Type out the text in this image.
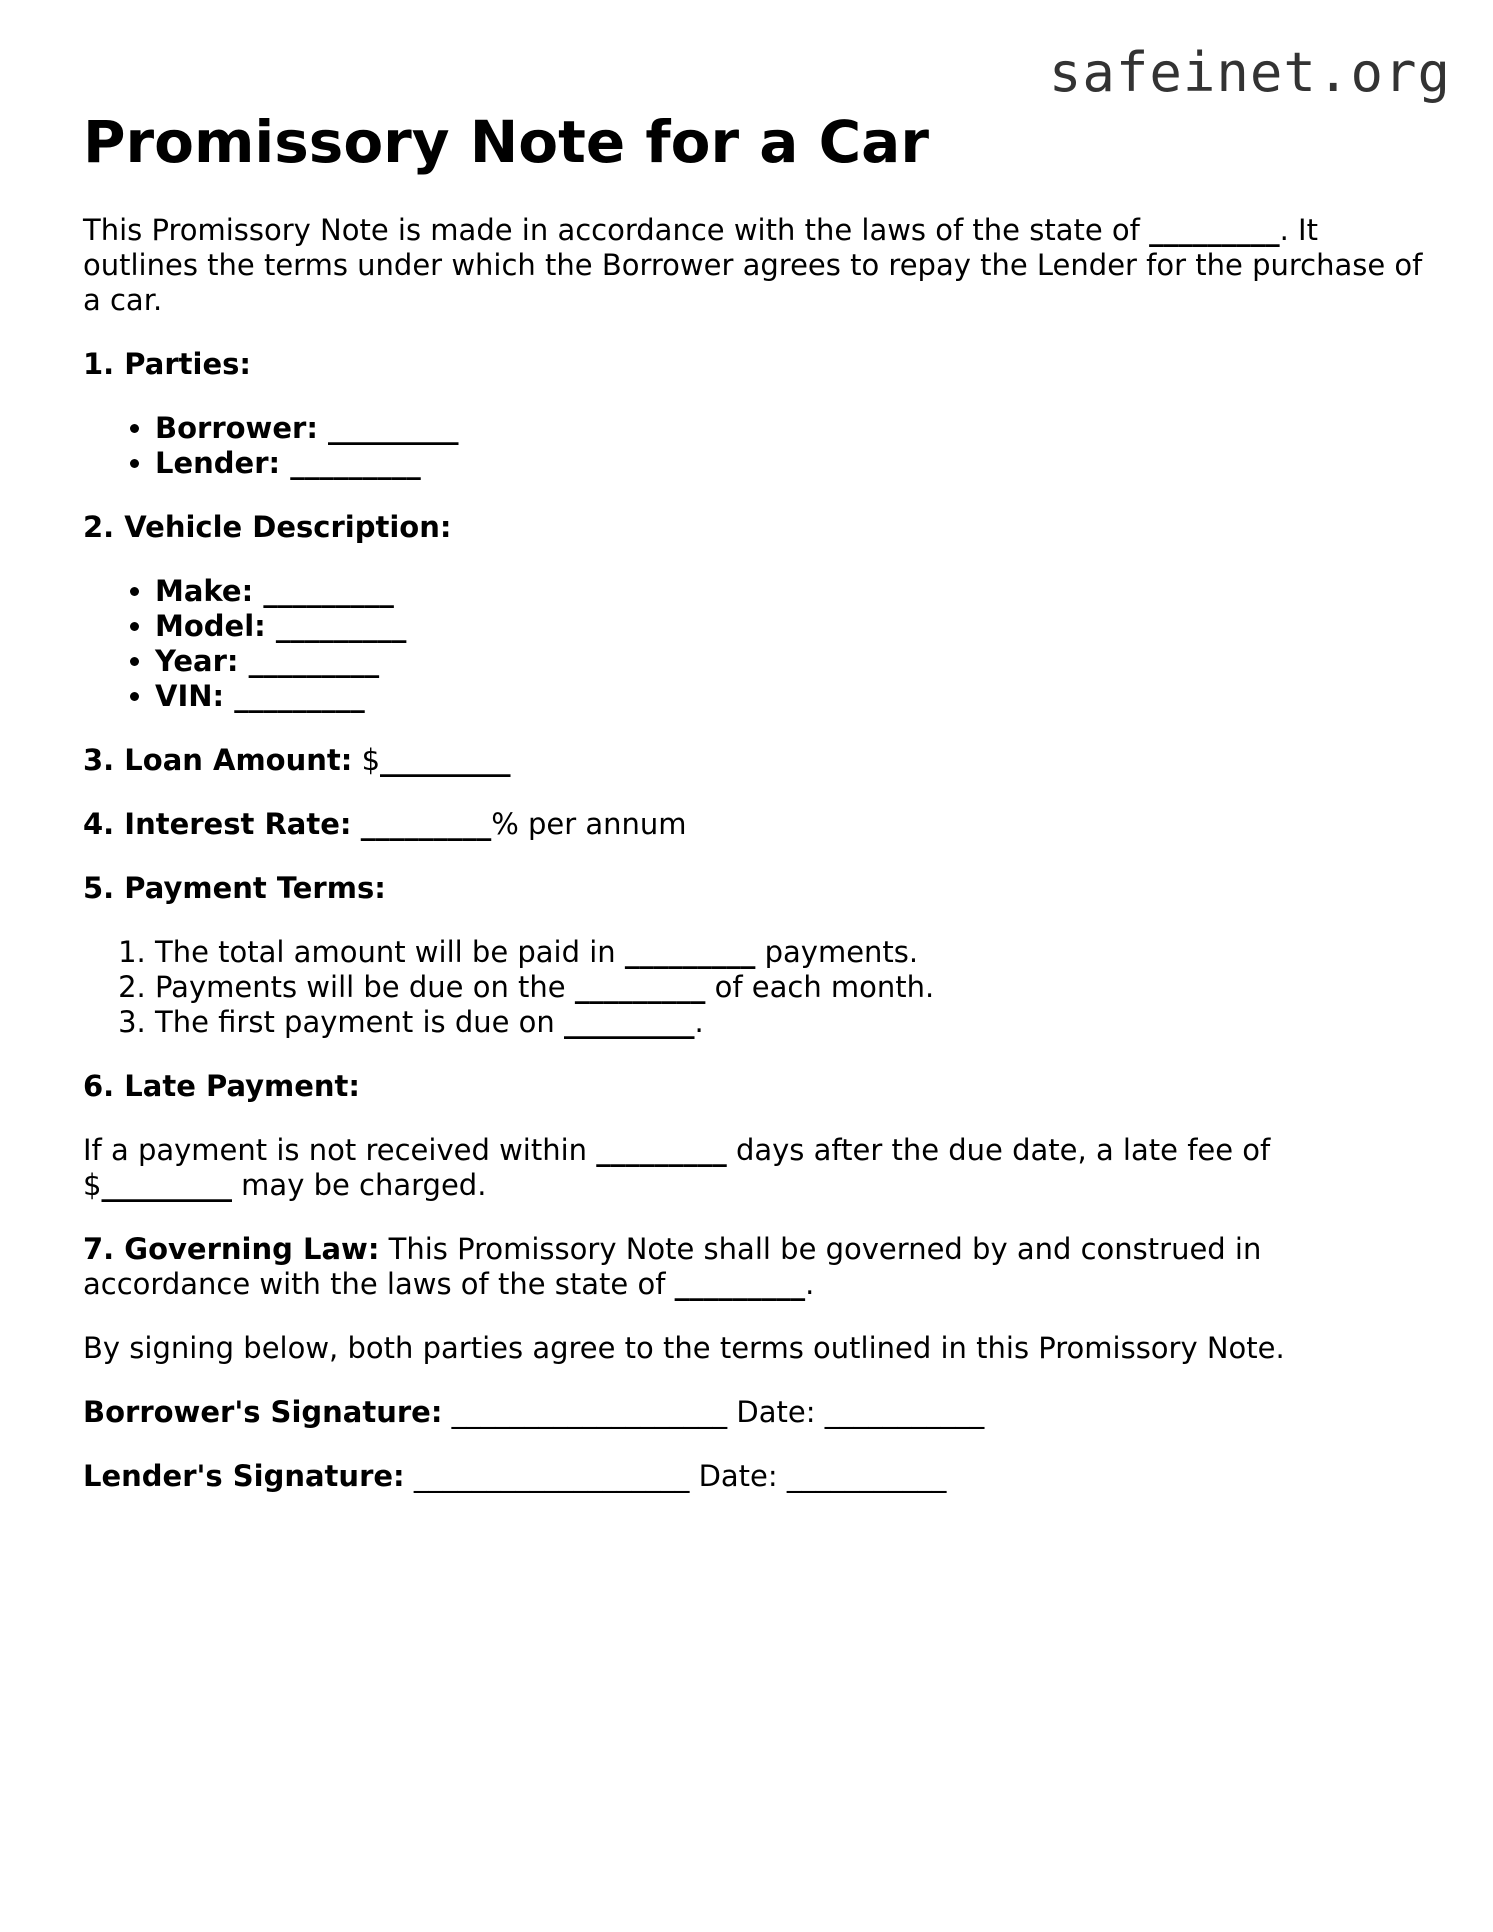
safeinet.org
Promissory Note for a Car

This Promissory Note is made in accordance with the laws of the state of _________. It outlines the terms under which the Borrower agrees to repay the Lender for the purchase of a car.

1. Parties:

• Borrower: _________
• Lender: _________

2. Vehicle Description:

• Make: _________
• Model: _________
• Year: _________
• VIN: _________

3. Loan Amount: $_________

4. Interest Rate: _________% per annum

5. Payment Terms:

1. The total amount will be paid in _________ payments.
2. Payments will be due on the _________ of each month.
3. The first payment is due on _________.

6. Late Payment:

If a payment is not received within _________ days after the due date, a late fee of $_________ may be charged.

7. Governing Law: This Promissory Note shall be governed by and construed in accordance with the laws of the state of _________.

By signing below, both parties agree to the terms outlined in this Promissory Note.

Borrower's Signature: ___________________ Date: ___________

Lender's Signature: ___________________ Date: ___________
